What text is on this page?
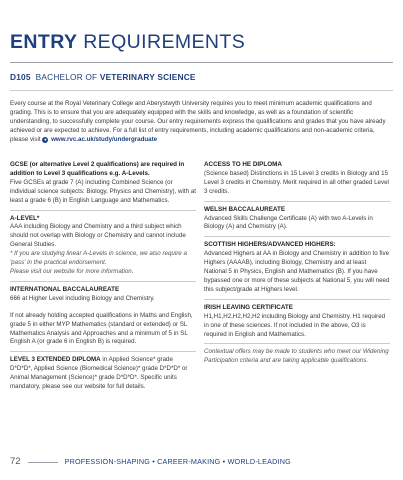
ENTRY REQUIREMENTS
D105 BACHELOR OF VETERINARY SCIENCE
Every course at the Royal Veterinary College and Aberystwyth University requires you to meet minimum academic qualifications and grading. This is to ensure that you are adequately equipped with the skills and knowledge, as well as a foundation of scientific understanding, to successfully complete your course. Our entry requirements express the qualifications and grades that you have already achieved or are expected to achieve. For a full list of entry requirements, including academic qualifications and non-academic criteria, please visit ● www.rvc.ac.uk/study/undergraduate
GCSE (or alternative Level 2 qualifications) are required in addition to Level 3 qualifications e.g. A-Levels.
Five GCSEs at grade 7 (A) including Combined Science (or individual science subjects: Biology, Physics and Chemistry), with at least a grade 6 (B) in English Language and Mathematics.
A-LEVEL*
AAA including Biology and Chemistry and a third subject which should not overlap with Biology or Chemistry and cannot include General Studies.
* If you are studying linear A-Levels in science, we also require a 'pass' in the practical endorsement.
Please visit our website for more information.
INTERNATIONAL BACCALAUREATE
666 at Higher Level including Biology and Chemistry.
If not already holding accepted qualifications in Maths and English, grade 5 in either MYP Mathematics (standard or extended) or SL Mathematics Analysis and Approaches and a minimum of 5 in SL English A (or grade 6 in English B) is required.
LEVEL 3 EXTENDED DIPLOMA in Applied Science* grade D*D*D*, Applied Science (Biomedical Science)* grade D*D*D* or Animal Management (Science)* grade D*D*D*. Specific units mandatory, please see our website for full details.
ACCESS TO HE DIPLOMA
(Science based) Distinctions in 15 Level 3 credits in Biology and 15 Level 3 credits in Chemistry. Merit required in all other graded Level 3 credits.
WELSH BACCALAUREATE
Advanced Skills Challenge Certificate (A) with two A-Levels in Biology (A) and Chemistry (A).
SCOTTISH HIGHERS/ADVANCED HIGHERS:
Advanced Highers at AA in Biology and Chemistry in addition to five Highers (AAAAB), including Biology, Chemistry and at least National 5 in Physics, English and Mathematics (B). If you have bypassed one or more of these subjects at National 5, you will need this subject/grade at Highers level.
IRISH LEAVING CERTIFICATE
H1,H1,H2,H2,H2,H2 including Biology and Chemistry. H1 required in one of these sciences. If not included in the above, O3 is required in English and Mathematics.
Contextual offers may be made to students who meet our Widening Participation criteria and are taking applicable qualifications.
72	PROFESSION-SHAPING • CAREER-MAKING • WORLD-LEADING
